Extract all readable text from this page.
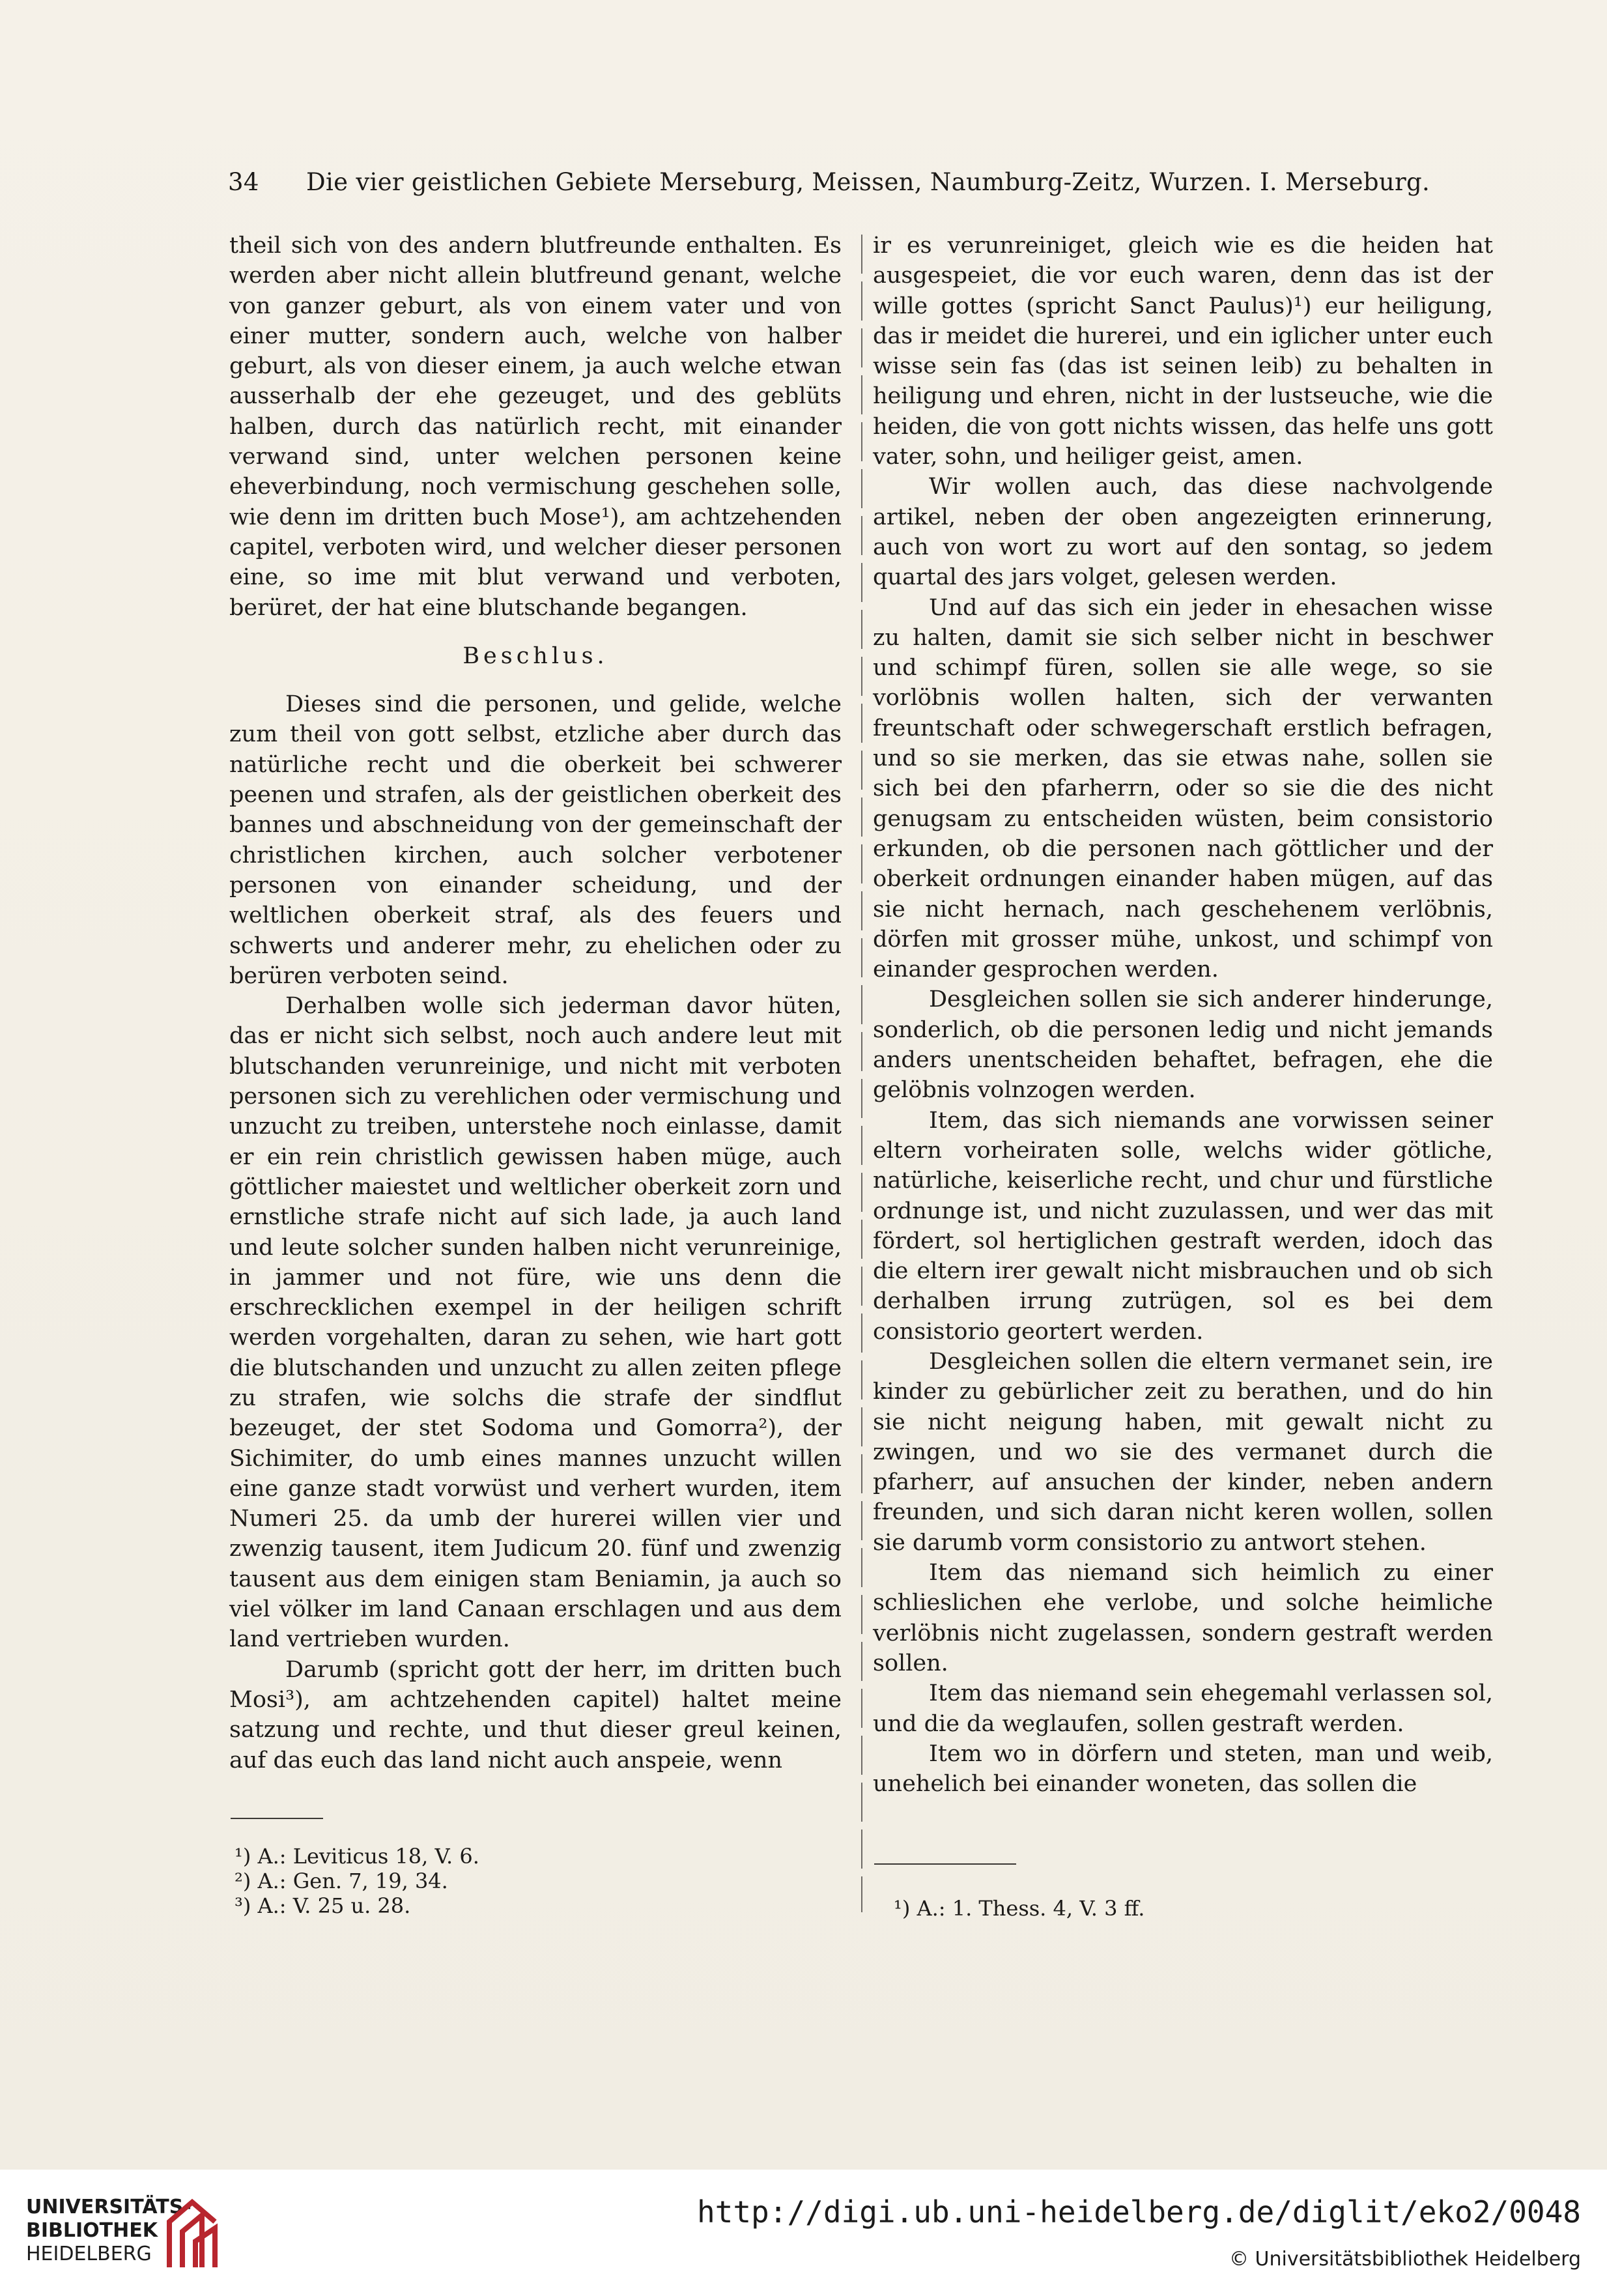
34 Die vier geistlichen Gebiete Merseburg, Meissen, Naumburg-Zeitz, Wurzen. I. Merseburg.

theil sich von des andern blutfreunde enthalten. Es werden aber nicht allein blutfreund genant, welche von ganzer geburt, als von einem vater und von einer mutter, sondern auch, welche von halber geburt, als von dieser einem, ja auch welche etwan ausserhalb der ehe gezeuget, und des geblüts halben, durch das natürlich recht, mit einander verwand sind, unter welchen personen keine eheverbindung, noch vermischung geschehen solle, wie denn im dritten buch Mose¹), am achtzehenden capitel, verboten wird, und welcher dieser personen eine, so ime mit blut verwand und verboten, berüret, der hat eine blutschande begangen.

Beschlus.

Dieses sind die personen, und gelide, welche zum theil von gott selbst, etzliche aber durch das natürliche recht und die oberkeit bei schwerer peenen und strafen, als der geistlichen oberkeit des bannes und abschneidung von der gemeinschaft der christlichen kirchen, auch solcher verbotener personen von einander scheidung, und der weltlichen oberkeit straf, als des feuers und schwerts und anderer mehr, zu ehelichen oder zu berüren verboten seind.

Derhalben wolle sich jederman davor hüten, das er nicht sich selbst, noch auch andere leut mit blutschanden verunreinige, und nicht mit verboten personen sich zu verehlichen oder vermischung und unzucht zu treiben, unterstehe noch einlasse, damit er ein rein christlich gewissen haben müge, auch göttlicher maiestet und weltlicher oberkeit zorn und ernstliche strafe nicht auf sich lade, ja auch land und leute solcher sunden halben nicht verunreinige, in jammer und not füre, wie uns denn die erschrecklichen exempel in der heiligen schrift werden vorgehalten, daran zu sehen, wie hart gott die blutschanden und unzucht zu allen zeiten pflege zu strafen, wie solchs die strafe der sindflut bezeuget, der stet Sodoma und Gomorra²), der Sichimiter, do umb eines mannes unzucht willen eine ganze stadt vorwüst und verhert wurden, item Numeri 25. da umb der hurerei willen vier und zwenzig tausent, item Judicum 20. fünf und zwenzig tausent aus dem einigen stam Beniamin, ja auch so viel völker im land Canaan erschlagen und aus dem land vertrieben wurden.

Darumb (spricht gott der herr, im dritten buch Mosi³), am achtzehenden capitel) haltet meine satzung und rechte, und thut dieser greul keinen, auf das euch das land nicht auch anspeie, wenn

ir es verunreiniget, gleich wie es die heiden hat ausgespeiet, die vor euch waren, denn das ist der wille gottes (spricht Sanct Paulus)¹) eur heiligung, das ir meidet die hurerei, und ein iglicher unter euch wisse sein fas (das ist seinen leib) zu behalten in heiligung und ehren, nicht in der lustseuche, wie die heiden, die von gott nichts wissen, das helfe uns gott vater, sohn, und heiliger geist, amen.

Wir wollen auch, das diese nachvolgende artikel, neben der oben angezeigten erinnerung, auch von wort zu wort auf den sontag, so jedem quartal des jars volget, gelesen werden.

Und auf das sich ein jeder in ehesachen wisse zu halten, damit sie sich selber nicht in beschwer und schimpf füren, sollen sie alle wege, so sie vorlöbnis wollen halten, sich der verwanten freuntschaft oder schwegerschaft erstlich befragen, und so sie merken, das sie etwas nahe, sollen sie sich bei den pfarherrn, oder so sie die des nicht genugsam zu entscheiden wüsten, beim consistorio erkunden, ob die personen nach göttlicher und der oberkeit ordnungen einander haben mügen, auf das sie nicht hernach, nach geschehenem verlöbnis, dörfen mit grosser mühe, unkost, und schimpf von einander gesprochen werden.

Desgleichen sollen sie sich anderer hinderunge, sonderlich, ob die personen ledig und nicht jemands anders unentscheiden behaftet, befragen, ehe die gelöbnis volnzogen werden.

Item, das sich niemands ane vorwissen seiner eltern vorheiraten solle, welchs wider götliche, natürliche, keiserliche recht, und chur und fürstliche ordnunge ist, und nicht zuzulassen, und wer das mit fördert, sol hertiglichen gestraft werden, idoch das die eltern irer gewalt nicht misbrauchen und ob sich derhalben irrung zutrügen, sol es bei dem consistorio geortert werden.

Desgleichen sollen die eltern vermanet sein, ire kinder zu gebürlicher zeit zu berathen, und do hin sie nicht neigung haben, mit gewalt nicht zu zwingen, und wo sie des vermanet durch die pfarherr, auf ansuchen der kinder, neben andern freunden, und sich daran nicht keren wollen, sollen sie darumb vorm consistorio zu antwort stehen.

Item das niemand sich heimlich zu einer schlieslichen ehe verlobe, und solche heimliche verlöbnis nicht zugelassen, sondern gestraft werden sollen.

Item das niemand sein ehegemahl verlassen sol, und die da weglaufen, sollen gestraft werden.

Item wo in dörfern und steten, man und weib, unehelich bei einander woneten, das sollen die

¹) A.: Leviticus 18, V. 6.
²) A.: Gen. 7, 19, 34.
³) A.: V. 25 u. 28.	¹) A.: 1. Thess. 4, V. 3 ff.
UNIVERSITÄTS-
BIBLIOTHEK
HEIDELBERG
http://digi.ub.uni-heidelberg.de/diglit/eko2/0048
© Universitätsbibliothek Heidelberg
